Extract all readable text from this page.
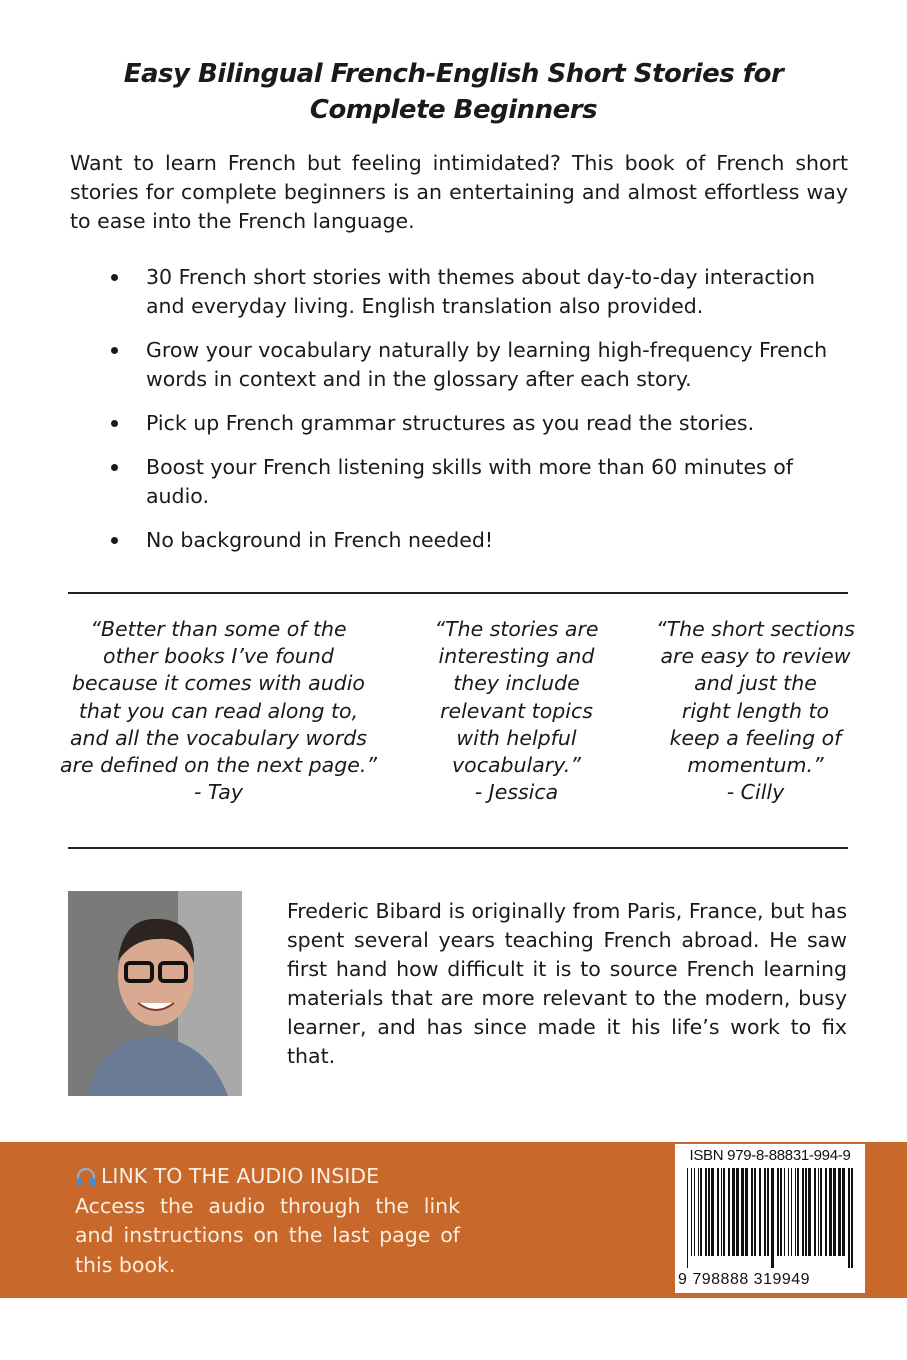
Easy Bilingual French-English Short Stories for Complete Beginners
Want to learn French but feeling intimidated? This book of French short stories for complete beginners is an entertaining and almost effortless way to ease into the French language.
30 French short stories with themes about day-to-day interaction and everyday living. English translation also provided.
Grow your vocabulary naturally by learning high-frequency French words in context and in the glossary after each story.
Pick up French grammar structures as you read the stories.
Boost your French listening skills with more than 60 minutes of audio.
No background in French needed!
“Better than some of the
other books I’ve found
because it comes with audio
that you can read along to,
and all the vocabulary words
are defined on the next page.”
- Tay
“The stories are
interesting and
they include
relevant topics
with helpful
vocabulary.”
- Jessica
“The short sections
are easy to review
and just the
right length to
keep a feeling of
momentum.”
- Cilly
Frederic Bibard is originally from Paris, France, but has spent several years teaching French abroad. He saw first hand how difficult it is to source French learning materials that are more relevant to the modern, busy learner, and has since made it his life’s work to fix that.
LINK TO THE AUDIO INSIDE

Access the audio through the link and instructions on the last page of this book.

ISBN 979-8-88831-994-9
9 798888 319949
